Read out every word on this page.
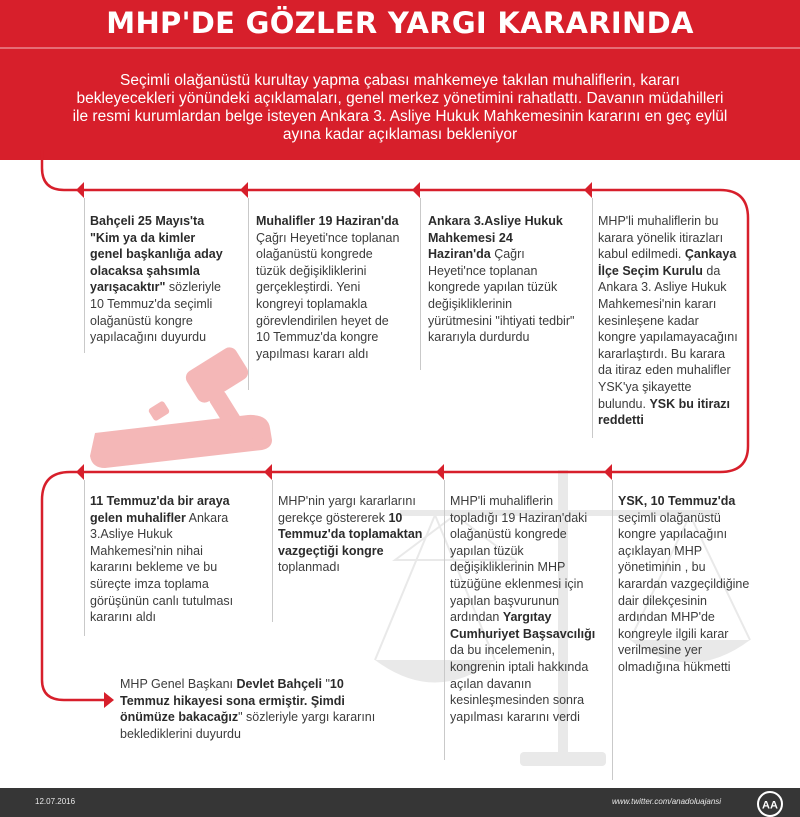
MHP'DE GÖZLER YARGI KARARINDA
Seçimli olağanüstü kurultay yapma çabası mahkemeye takılan muhaliflerin, kararı bekleyecekleri yönündeki açıklamaları, genel merkez yönetimini rahatlattı. Davanın müdahilleri ile resmi kurumlardan belge isteyen Ankara 3. Asliye Hukuk Mahkemesinin kararını en geç eylül ayına kadar açıklaması bekleniyor
Bahçeli 25 Mayıs'ta
"Kim ya da kimler genel başkanlığa aday olacaksa şahsımla yarışacaktır" sözleriyle 10 Temmuz'da seçimli olağanüstü kongre yapılacağını duyurdu
Muhalifler 19 Haziran'da Çağrı Heyeti'nce toplanan olağanüstü kongrede tüzük değişikliklerini gerçekleştirdi. Yeni kongreyi toplamakla görevlendirilen heyet de 10 Temmuz'da kongre yapılması kararı aldı
Ankara 3.Asliye Hukuk Mahkemesi 24 Haziran'da Çağrı Heyeti'nce toplanan kongrede yapılan tüzük değişikliklerinin yürütmesini "ihtiyati tedbir" kararıyla durdurdu
MHP'li muhaliflerin bu karara yönelik itirazları kabul edilmedi. Çankaya İlçe Seçim Kurulu da Ankara 3. Asliye Hukuk Mahkemesi'nin kararı kesinleşene kadar kongre yapılamayacağını kararlaştırdı. Bu karara da itiraz eden muhalifler YSK'ya şikayette bulundu. YSK bu itirazı reddetti
11 Temmuz'da bir araya gelen muhalifler Ankara 3.Asliye Hukuk Mahkemesi'nin nihai kararını bekleme ve bu süreçte imza toplama görüşünün canlı tutulması kararını aldı
MHP'nin yargı kararlarını gerekçe göstererek 10 Temmuz'da toplamaktan vazgeçtiği kongre toplanmadı
MHP'li muhaliflerin topladığı 19 Haziran'daki olağanüstü kongrede yapılan tüzük değişikliklerinin MHP tüzüğüne eklenmesi için yapılan başvurunun ardından Yargıtay Cumhuriyet Başsavcılığı da bu incelemenin, kongrenin iptali hakkında açılan davanın kesinleşmesinden sonra yapılması kararını verdi
YSK, 10 Temmuz'da seçimli olağanüstü kongre yapılacağını açıklayan MHP yönetiminin , bu karardan vazgeçildiğine dair dilekçesinin ardından MHP'de kongreyle ilgili karar verilmesine yer olmadığına hükmetti
MHP Genel Başkanı Devlet Bahçeli "10 Temmuz hikayesi sona ermiştir. Şimdi önümüze bakacağız" sözleriyle yargı kararını beklediklerini duyurdu
12.07.2016	www.twitter.com/anadoluajansi	AA
